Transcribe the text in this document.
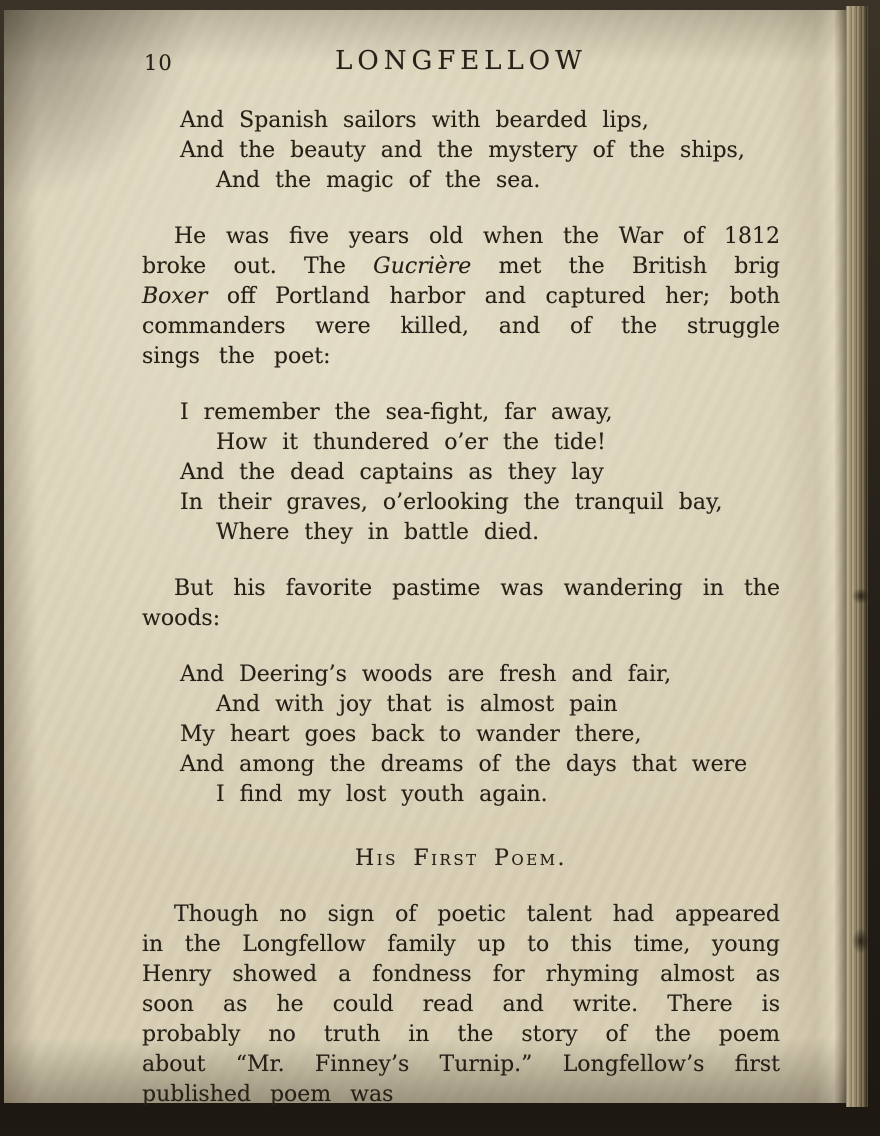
10	LONGFELLOW
And Spanish sailors with bearded lips,
And the beauty and the mystery of the ships,
And the magic of the sea.

He was five years old when the War of 1812 broke out. The Gucrière met the British brig Boxer off Portland harbor and captured her; both commanders were killed, and of the struggle sings the poet:

I remember the sea-fight, far away,
How it thundered o’er the tide!
And the dead captains as they lay
In their graves, o’erlooking the tranquil bay,
Where they in battle died.

But his favorite pastime was wandering in the woods:

And Deering’s woods are fresh and fair,
And with joy that is almost pain
My heart goes back to wander there,
And among the dreams of the days that were
I find my lost youth again.
His First Poem.

Though no sign of poetic talent had appeared in the Longfellow family up to this time, young Henry showed a fondness for rhyming almost as soon as he could read and write. There is probably no truth in the story of the poem about “Mr. Finney’s Turnip.” Longfellow’s first published poem was
